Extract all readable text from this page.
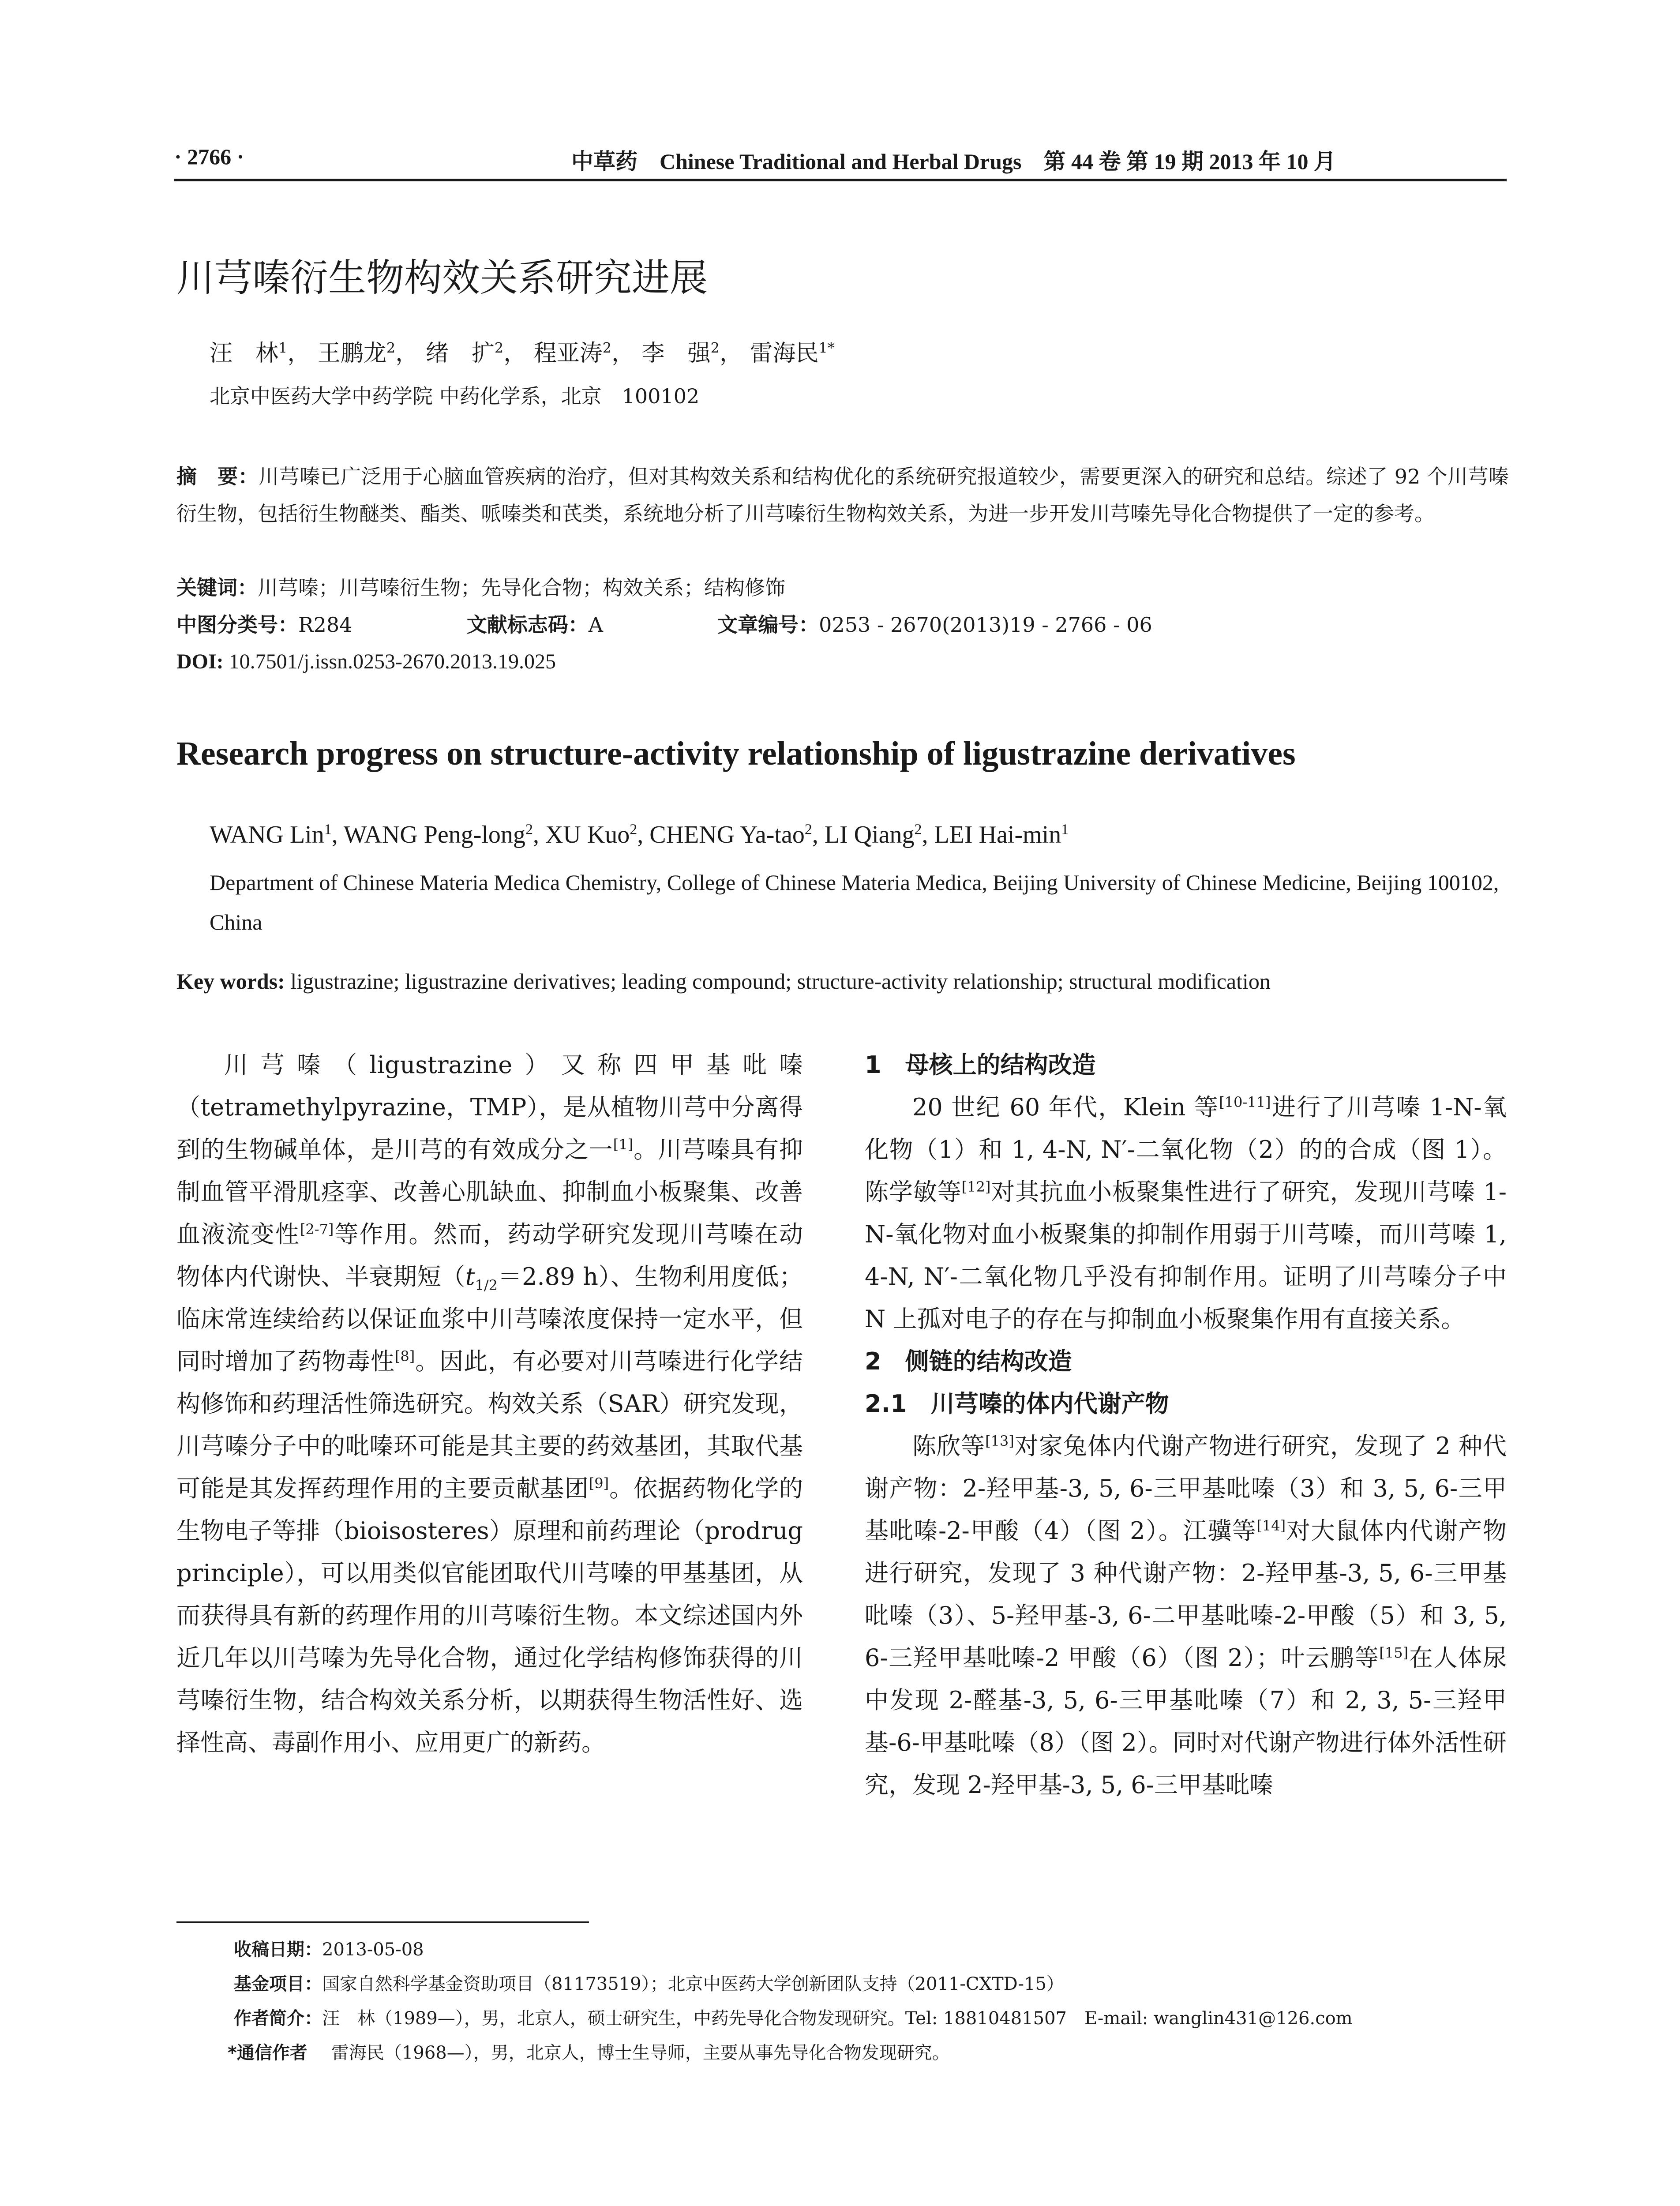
· 2766 ·	中草药　Chinese Traditional and Herbal Drugs　第 44 卷 第 19 期 2013 年 10 月
川芎嗪衍生物构效关系研究进展
汪　林$^1$， 王鹏龙$^2$， 绪　扩$^2$， 程亚涛$^2$， 李　强$^2$， 雷海民$^{1*}$
北京中医药大学中药学院 中药化学系，北京　100102
摘　要：川芎嗪已广泛用于心脑血管疾病的治疗，但对其构效关系和结构优化的系统研究报道较少，需要更深入的研究和总结。综述了 92 个川芎嗪衍生物，包括衍生物醚类、酯类、哌嗪类和芪类，系统地分析了川芎嗪衍生物构效关系，为进一步开发川芎嗪先导化合物提供了一定的参考。
关键词：川芎嗪；川芎嗪衍生物；先导化合物；构效关系；结构修饰
中图分类号：R284	文献标志码：A	文章编号：0253 - 2670(2013)19 - 2766 - 06
DOI: 10.7501/j.issn.0253-2670.2013.19.025
Research progress on structure-activity relationship of ligustrazine derivatives
WANG Lin$^1$, WANG Peng-long$^2$, XU Kuo$^2$, CHENG Ya-tao$^2$, LI Qiang$^2$, LEI Hai-$\min^1$
Department of Chinese Materia Medica Chemistry, College of Chinese Materia Medica, Beijing University of Chinese Medicine, Beijing 100102, China
Key words: ligustrazine; ligustrazine derivatives; leading compound; structure-activity relationship; structural modification

川芎嗪（ligustrazine）又称四甲基吡嗪（tetramethylpyrazine，TMP），是从植物川芎中分离得到的生物碱单体，是川芎的有效成分之一[1]。川芎嗪具有抑制血管平滑肌痉挛、改善心肌缺血、抑制血小板聚集、改善血液流变性[2-7]等作用。然而，药动学研究发现川芎嗪在动物体内代谢快、半衰期短（$t_{1/2}=2.89$ h）、生物利用度低；临床常连续给药以保证血浆中川芎嗪浓度保持一定水平，但同时增加了药物毒性[8]。因此，有必要对川芎嗪进行化学结构修饰和药理活性筛选研究。构效关系（SAR）研究发现，川芎嗪分子中的吡嗪环可能是其主要的药效基团，其取代基可能是其发挥药理作用的主要贡献基团[9]。依据药物化学的生物电子等排（bioisosteres）原理和前药理论（prodrug principle），可以用类似官能团取代川芎嗪的甲基基团，从而获得具有新的药理作用的川芎嗪衍生物。本文综述国内外近几年以川芎嗪为先导化合物，通过化学结构修饰获得的川芎嗪衍生物，结合构效关系分析，以期获得生物活性好、选择性高、毒副作用小、应用更广的新药。

1　母核上的结构改造

20 世纪 60 年代，Klein 等[10-11]进行了川芎嗪 1-N-氧化物（1）和 1, 4-N, N′-二氧化物（2）的的合成（图 1）。陈学敏等[12]对其抗血小板聚集性进行了研究，发现川芎嗪 1-N-氧化物对血小板聚集的抑制作用弱于川芎嗪，而川芎嗪 1, 4-N, N′-二氧化物几乎没有抑制作用。证明了川芎嗪分子中 N 上孤对电子的存在与抑制血小板聚集作用有直接关系。

2　侧链的结构改造
2.1　川芎嗪的体内代谢产物

陈欣等[13]对家兔体内代谢产物进行研究，发现了 2 种代谢产物：2-羟甲基-3, 5, 6-三甲基吡嗪（3）和 3, 5, 6-三甲基吡嗪-2-甲酸（4）（图 2）。江骥等[14]对大鼠体内代谢产物进行研究，发现了 3 种代谢产物：2-羟甲基-3, 5, 6-三甲基吡嗪（3）、5-羟甲基-3, 6-二甲基吡嗪-2-甲酸（5）和 3, 5, 6-三羟甲基吡嗪-2 甲酸（6）（图 2）；叶云鹏等[15]在人体尿中发现 2-醛基-3, 5, 6-三甲基吡嗪（7）和 2, 3, 5-三羟甲基-6-甲基吡嗪（8）（图 2）。同时对代谢产物进行体外活性研究，发现 2-羟甲基-3, 5, 6-三甲基吡嗪

收稿日期：2013-05-08
基金项目：国家自然科学基金资助项目（81173519）；北京中医药大学创新团队支持（2011-CXTD-15）
作者简介：汪　林（1989—），男，北京人，硕士研究生，中药先导化合物发现研究。Tel: 18810481507　E-mail: wanglin431@126.com
*通信作者　雷海民（1968—），男，北京人，博士生导师，主要从事先导化合物发现研究。
